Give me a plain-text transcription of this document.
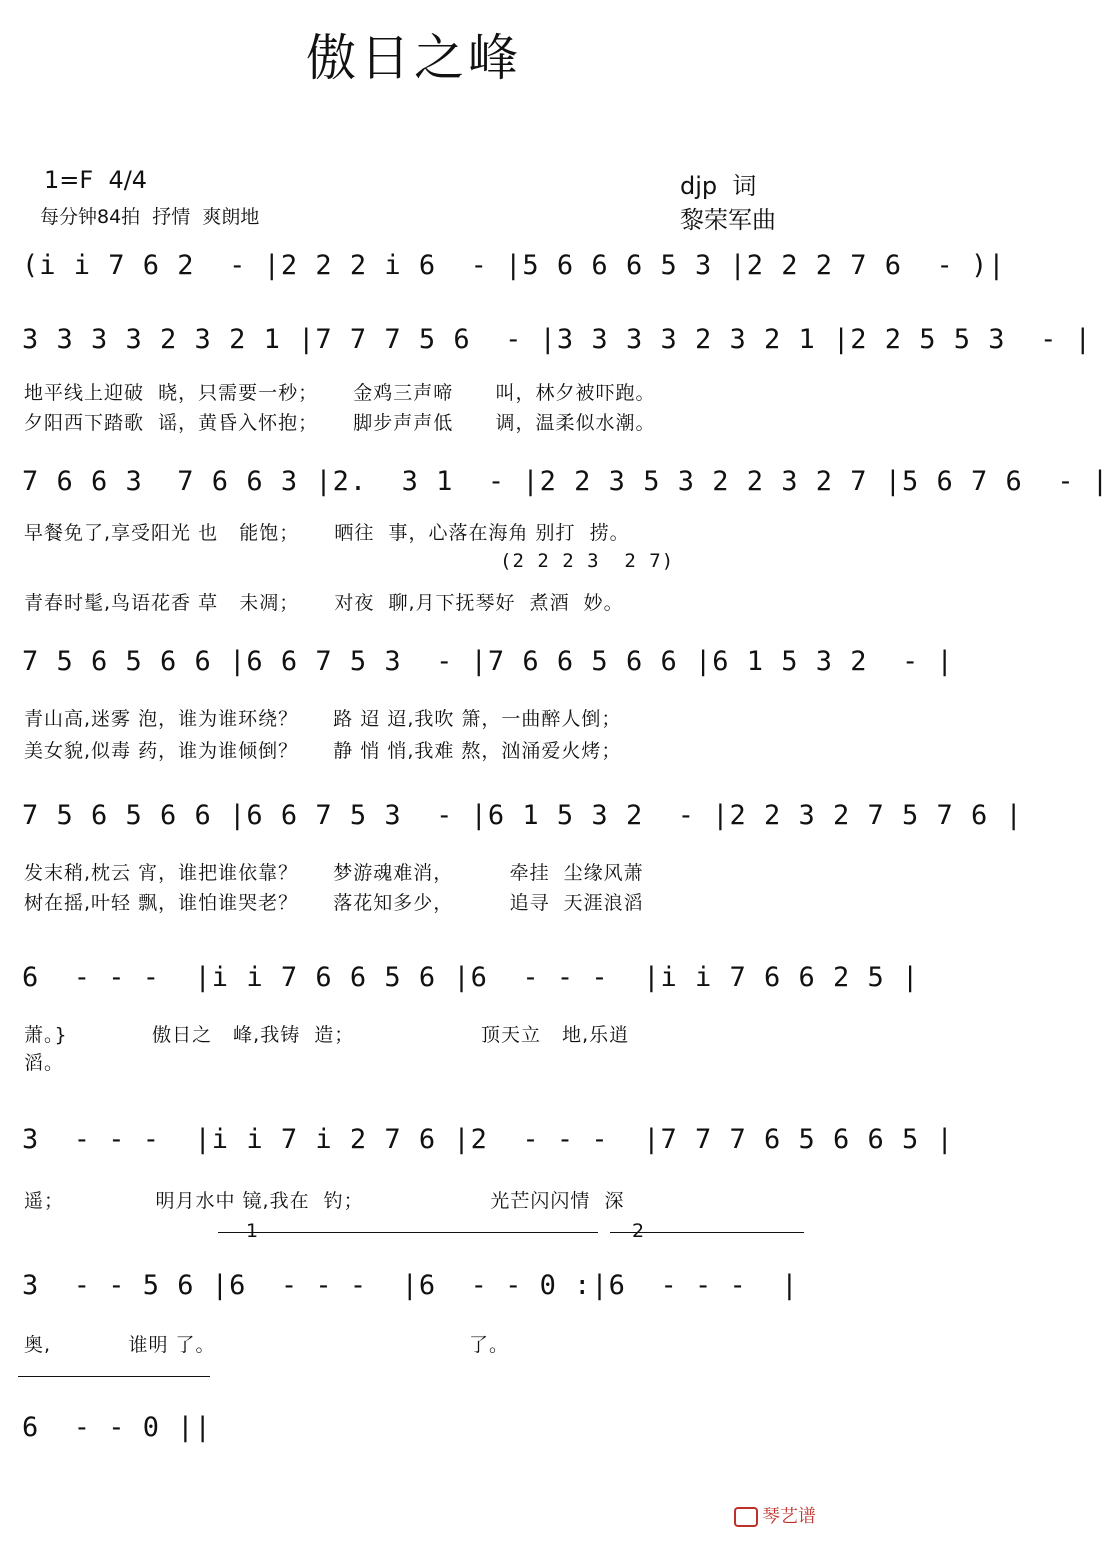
傲日之峰
1=F  4/4
每分钟84拍  抒情  爽朗地
djp  词
黎荣军曲
(i i 7 6 2  - |2 2 2 i 6  - |5 6 6 6 5 3 |2 2 2 7 6  - )|
3 3 3 3 2 3 2 1 |7 7 7 5 6  - |3 3 3 3 2 3 2 1 |2 2 5 5 3  - |
地平线上迎破  晓，只需要一秒；     金鸡三声啼      叫，林夕被吓跑。
夕阳西下踏歌  谣，黄昏入怀抱；     脚步声声低      调，温柔似水潮。
7 6 6 3  7 6 6 3 |2.  3 1  - |2 2 3 5 3 2 2 3 2 7 |5 6 7 6  - |
早餐免了,享受阳光 也   能饱；     晒往  事，心落在海角 别打  捞。
(2 2 2 3  2 7)
青春时髦,鸟语花香 草   未凋；     对夜  聊,月下抚琴好  煮酒  妙。
7 5 6 5 6 6 |6 6 7 5 3  - |7 6 6 5 6 6 |6 1 5 3 2  - |
青山高,迷雾 泡，谁为谁环绕？     路 迢 迢,我吹 箫，一曲醉人倒；
美女貌,似毒 药，谁为谁倾倒？     静 悄 悄,我难 熬，汹涌爱火烤；
7 5 6 5 6 6 |6 6 7 5 3  - |6 1 5 3 2  - |2 2 3 2 7 5 7 6 |
发末稍,枕云 宵，谁把谁依靠？     梦游魂难消，        牵挂  尘缘风萧
树在摇,叶轻 飘，谁怕谁哭老？     落花知多少，        追寻  天涯浪滔
6  - - -  |i i 7 6 6 5 6 |6  - - -  |i i 7 6 6 2 5 |
萧。}            傲日之   峰,我铸  造；                  顶天立   地,乐逍
滔。
3  - - -  |i i 7 i 2 7 6 |2  - - -  |7 7 7 6 5 6 6 5 |
遥；             明月水中 镜,我在  钓；                  光芒闪闪情  深
1	2
3  - - 5 6 |6  - - -  |6  - - 0 :|6  - - -  |
奥,           谁明 了。                                    了。
6  - - 0 ||
琴艺谱
